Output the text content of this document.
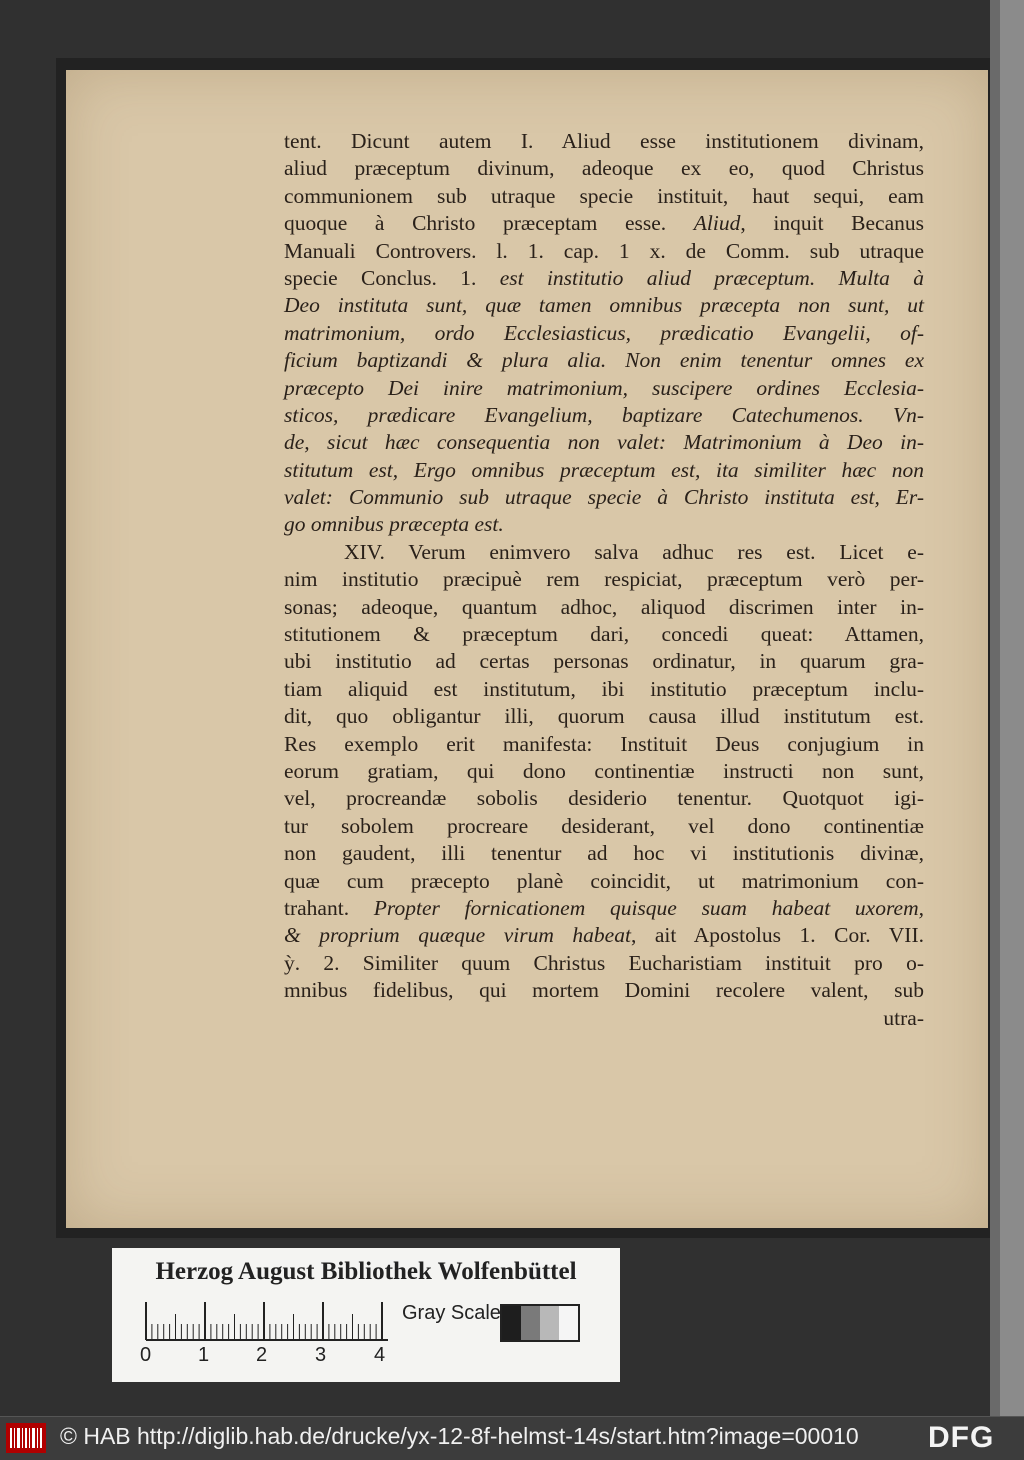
tent. Dicunt autem I. Aliud esse institutionem divinam,
aliud præceptum divinum, adeoque ex eo, quod Christus
communionem sub utraque specie instituit, haut sequi, eam
quoque à Christo præceptam esse. Aliud, inquit Becanus
Manuali Controvers. l. 1. cap. 1 x. de Comm. sub utraque
specie Conclus. 1. est institutio aliud præceptum. Multa à
Deo instituta sunt, quæ tamen omnibus præcepta non sunt, ut
matrimonium, ordo Ecclesiasticus, prædicatio Evangelii, of-
ficium baptizandi & plura alia. Non enim tenentur omnes ex
præcepto Dei inire matrimonium, suscipere ordines Ecclesia-
sticos, prædicare Evangelium, baptizare Catechumenos. Vn-
de, sicut hæc consequentia non valet: Matrimonium à Deo in-
stitutum est, Ergo omnibus præceptum est, ita similiter hæc non
valet: Communio sub utraque specie à Christo instituta est, Er-
go omnibus præcepta est.
XIV. Verum enimvero salva adhuc res est. Licet e-
nim institutio præcipuè rem respiciat, præceptum verò per-
sonas; adeoque, quantum adhoc, aliquod discrimen inter in-
stitutionem & præceptum dari, concedi queat: Attamen,
ubi institutio ad certas personas ordinatur, in quarum gra-
tiam aliquid est institutum, ibi institutio præceptum inclu-
dit, quo obligantur illi, quorum causa illud institutum est.
Res exemplo erit manifesta: Instituit Deus conjugium in
eorum gratiam, qui dono continentiæ instructi non sunt,
vel, procreandæ sobolis desiderio tenentur. Quotquot igi-
tur sobolem procreare desiderant, vel dono continentiæ
non gaudent, illi tenentur ad hoc vi institutionis divinæ,
quæ cum præcepto planè coincidit, ut matrimonium con-
trahant. Propter fornicationem quisque suam habeat uxorem,
& proprium quæque virum habeat, ait Apostolus 1. Cor. VII.
ỳ. 2. Similiter quum Christus Eucharistiam instituit pro o-
mnibus fidelibus, qui mortem Domini recolere valent, sub
utra-
Herzog August Bibliothek Wolfenbüttel
0 1 2 3 4
Gray Scale
© HAB http://diglib.hab.de/drucke/yx-12-8f-helmst-14s/start.htm?image=00010 DFG
